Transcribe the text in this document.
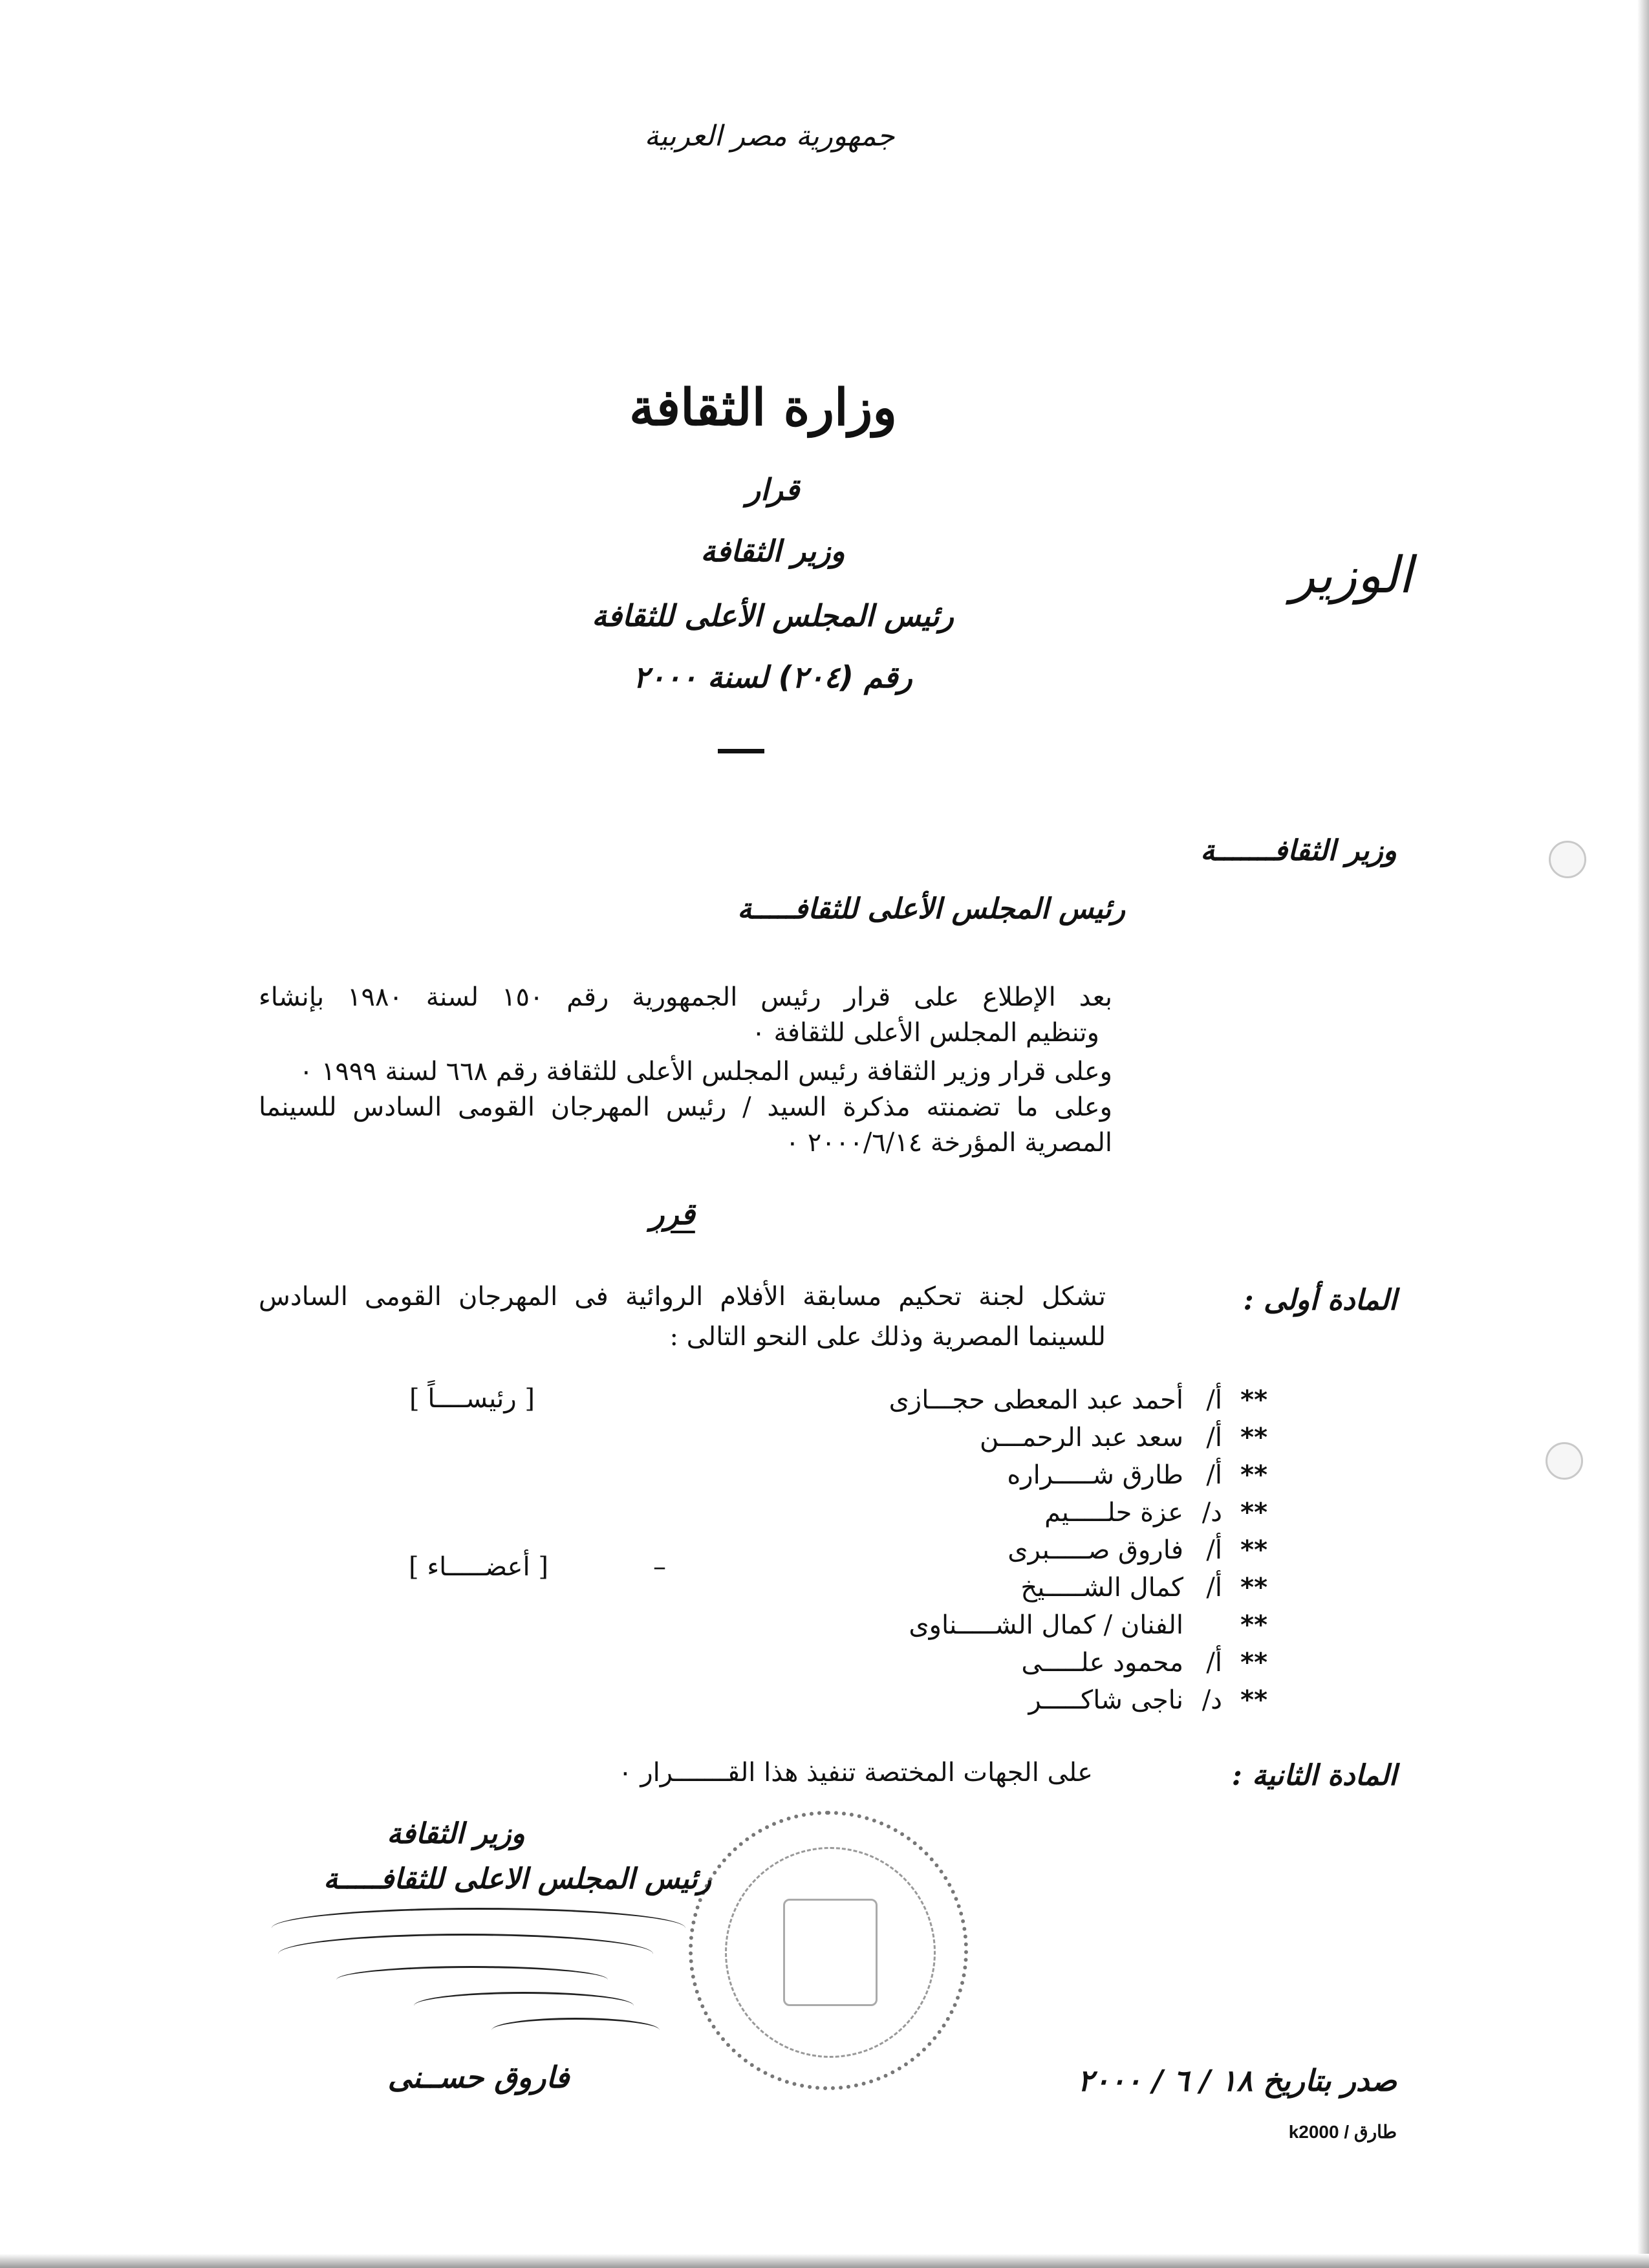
جمهورية مصر العربية
وزارة الثقافة
الوزير
قرار
وزير الثقافة
رئيس المجلس الأعلى للثقافة
رقم (٢٠٤) لسنة ٢٠٠٠
وزير الثقافـــــــة
رئيس المجلس الأعلى للثقافـــــة
بعد الإطلاع على قرار رئيس الجمهورية رقم ١٥٠ لسنة ١٩٨٠ بإنشاء
وتنظيم المجلس الأعلى للثقافة ٠
وعلى قرار وزير الثقافة رئيس المجلس الأعلى للثقافة رقم ٦٦٨ لسنة ١٩٩٩ ٠
وعلى ما تضمنته مذكرة السيد / رئيس المهرجان القومى السادس للسينما
المصرية المؤرخة ٢٠٠٠/٦/١٤ ٠
قرر
المادة أولى :
تشكل لجنة تحكيم مسابقة الأفلام الروائية فى المهرجان القومى السادس
للسينما المصرية وذلك على النحو التالى :
**
أ/
أحمد عبد المعطى حجـــازى
**
أ/
سعد عبد الرحمـــن
**
أ/
طارق شـــــراره
**
د/
عزة حلـــــيم
**
أ/
فاروق صـــــبرى
**
أ/
كمال الشـــــيخ
**
الفنان / كمال الشـــــناوى
**
أ/
محمود علـــــى
**
د/
ناجى شاكـــــر
[ رئيســــاً ]
[ أعضـــــاء ]	–
المادة الثانية :
على الجهات المختصة تنفيذ هذا القـــــــرار ٠
وزير الثقافة
رئيس المجلس الاعلى للثقافـــــة
فاروق حســنى	صدر بتاريخ ١٨ / ٦ / ٢٠٠٠
طارق / k2000
